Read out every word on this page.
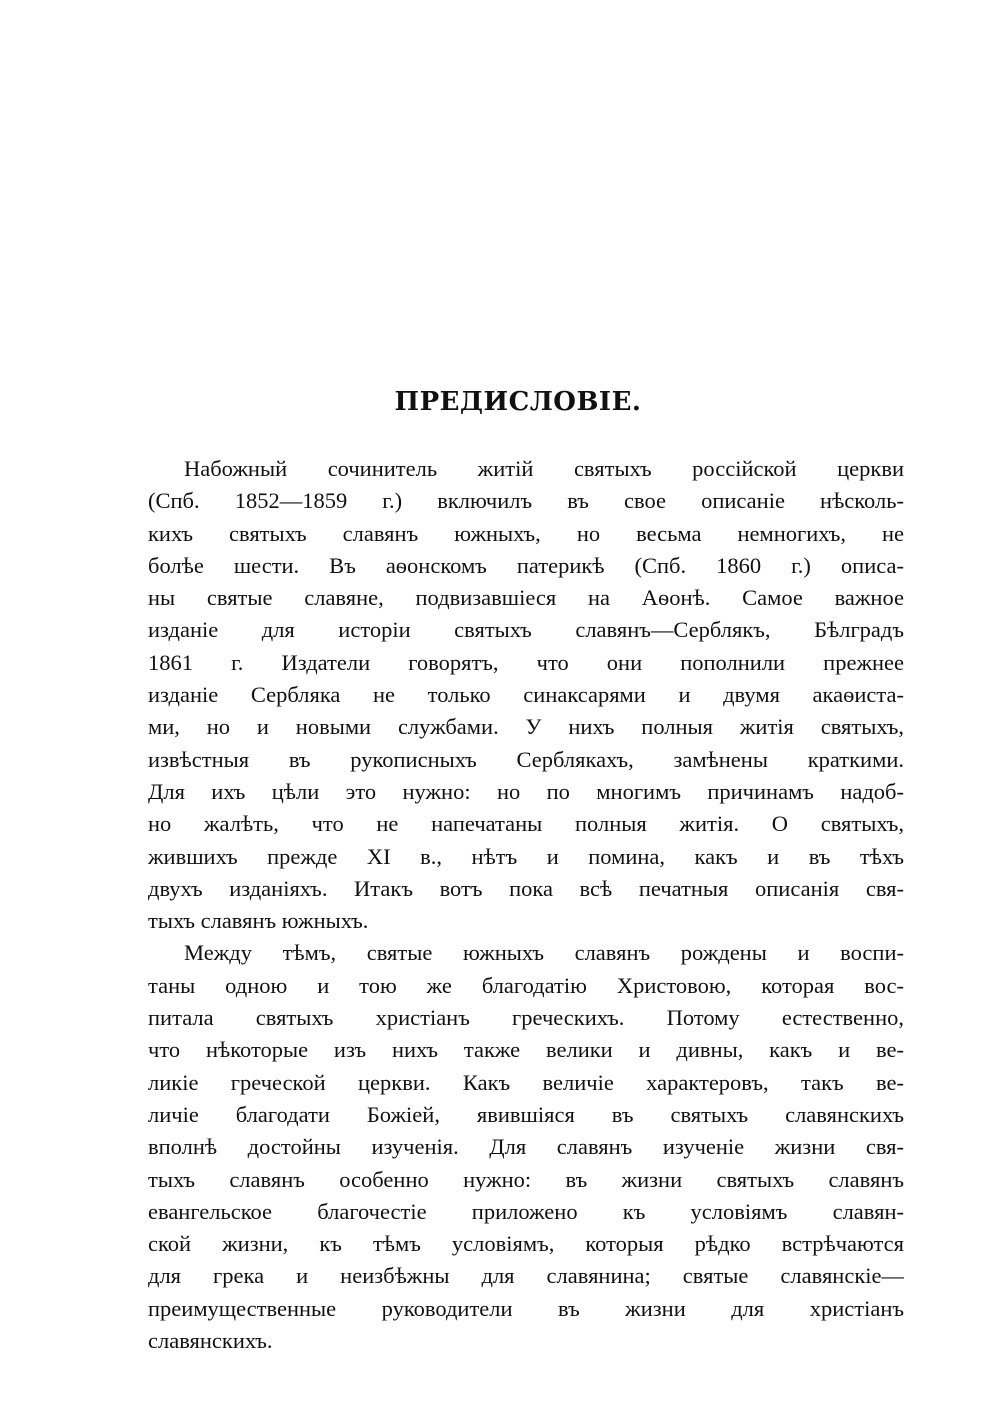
ПРЕДИСЛОВІЕ.
Набожный сочинитель житій святыхъ россійской церкви
(Спб. 1852—1859 г.) включилъ въ свое описаніе нѣсколь-
кихъ святыхъ славянъ южныхъ, но весьма немногихъ, не
болѣе шести. Въ аѳонскомъ патерикѣ (Спб. 1860 г.) описа-
ны святые славяне, подвизавшіеся на Аѳонѣ. Самое важное
изданіе для исторіи святыхъ славянъ—Серблякъ, Бѣлградъ
1861 г. Издатели говорятъ, что они пополнили прежнее
изданіе Сербляка не только синаксарями и двумя акаѳиста-
ми, но и новыми службами. У нихъ полныя житія святыхъ,
извѣстныя въ рукописныхъ Серблякахъ, замѣнены краткими.
Для ихъ цѣли это нужно: но по многимъ причинамъ надоб-
но жалѣть, что не напечатаны полныя житія. О святыхъ,
жившихъ прежде XI в., нѣтъ и помина, какъ и въ тѣхъ
двухъ изданіяхъ. Итакъ вотъ пока всѣ печатныя описанія свя-
тыхъ славянъ южныхъ.
Между тѣмъ, святые южныхъ славянъ рождены и воспи-
таны одною и тою же благодатію Христовою, которая вос-
питала святыхъ христіанъ греческихъ. Потому естественно,
что нѣкоторые изъ нихъ также велики и дивны, какъ и ве-
ликіе греческой церкви. Какъ величіе характеровъ, такъ ве-
личіе благодати Божіей, явившіяся въ святыхъ славянскихъ
вполнѣ достойны изученія. Для славянъ изученіе жизни свя-
тыхъ славянъ особенно нужно: въ жизни святыхъ славянъ
евангельское благочестіе приложено къ условіямъ славян-
ской жизни, къ тѣмъ условіямъ, которыя рѣдко встрѣчаются
для грека и неизбѣжны для славянина; святые славянскіе—
преимущественные руководители въ жизни для христіанъ
славянскихъ.
